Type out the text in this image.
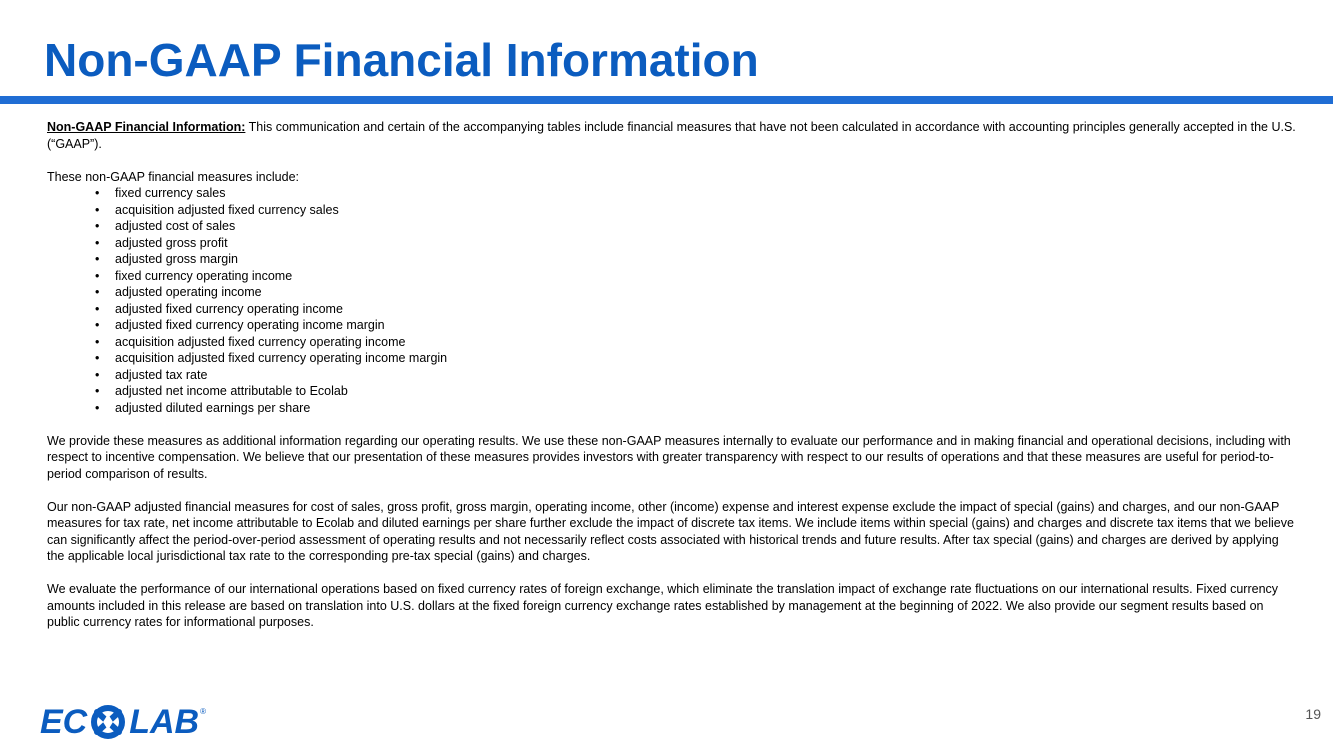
Non-GAAP Financial Information

Non-GAAP Financial Information: This communication and certain of the accompanying tables include financial measures that have not been calculated in accordance with accounting principles generally accepted in the U.S. (“GAAP”).

These non-GAAP financial measures include:
• fixed currency sales
• acquisition adjusted fixed currency sales
• adjusted cost of sales
• adjusted gross profit
• adjusted gross margin
• fixed currency operating income
• adjusted operating income
• adjusted fixed currency operating income
• adjusted fixed currency operating income margin
• acquisition adjusted fixed currency operating income
• acquisition adjusted fixed currency operating income margin
• adjusted tax rate
• adjusted net income attributable to Ecolab
• adjusted diluted earnings per share

We provide these measures as additional information regarding our operating results. We use these non-GAAP measures internally to evaluate our performance and in making financial and operational decisions, including with respect to incentive compensation. We believe that our presentation of these measures provides investors with greater transparency with respect to our results of operations and that these measures are useful for period-to-period comparison of results.

Our non-GAAP adjusted financial measures for cost of sales, gross profit, gross margin, operating income, other (income) expense and interest expense exclude the impact of special (gains) and charges, and our non-GAAP measures for tax rate, net income attributable to Ecolab and diluted earnings per share further exclude the impact of discrete tax items. We include items within special (gains) and charges and discrete tax items that we believe can significantly affect the period-over-period assessment of operating results and not necessarily reflect costs associated with historical trends and future results. After tax special (gains) and charges are derived by applying the applicable local jurisdictional tax rate to the corresponding pre-tax special (gains) and charges.

We evaluate the performance of our international operations based on fixed currency rates of foreign exchange, which eliminate the translation impact of exchange rate fluctuations on our international results. Fixed currency amounts included in this release are based on translation into U.S. dollars at the fixed foreign currency exchange rates established by management at the beginning of 2022. We also provide our segment results based on public currency rates for informational purposes.

EC LAB ®	19
